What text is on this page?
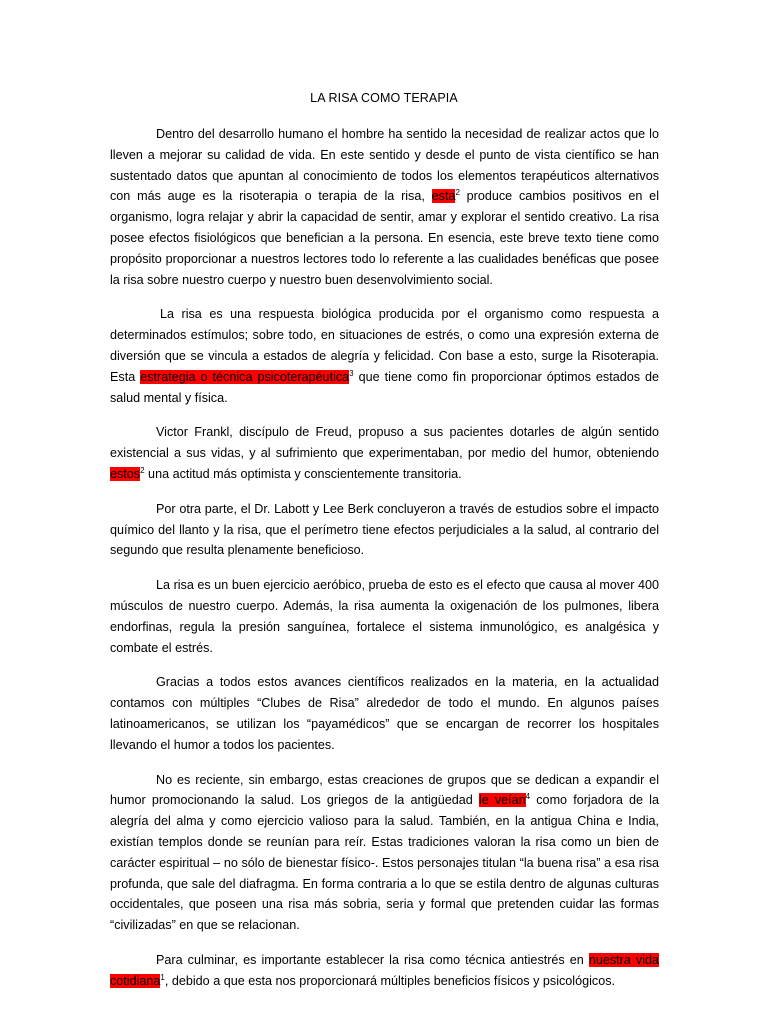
LA RISA COMO TERAPIA

Dentro del desarrollo humano el hombre ha sentido la necesidad de realizar actos que lo lleven a mejorar su calidad de vida. En este sentido y desde el punto de vista científico se han sustentado datos que apuntan al conocimiento de todos los elementos terapéuticos alternativos con más auge es la risoterapia o terapia de la risa, esta$^2$ produce cambios positivos en el organismo, logra relajar y abrir la capacidad de sentir, amar y explorar el sentido creativo. La risa posee efectos fisiológicos que benefician a la persona. En esencia, este breve texto tiene como propósito proporcionar a nuestros lectores todo lo referente a las cualidades benéficas que posee la risa sobre nuestro cuerpo y nuestro buen desenvolvimiento social.

La risa es una respuesta biológica producida por el organismo como respuesta a determinados estímulos; sobre todo, en situaciones de estrés, o como una expresión externa de diversión que se vincula a estados de alegría y felicidad. Con base a esto, surge la Risoterapia. Esta estrategia o técnica psicoterapéutica$^3$ que tiene como fin proporcionar óptimos estados de salud mental y física.

Victor Frankl, discípulo de Freud, propuso a sus pacientes dotarles de algún sentido existencial a sus vidas, y al sufrimiento que experimentaban, por medio del humor, obteniendo estos$^2$ una actitud más optimista y conscientemente transitoria.

Por otra parte, el Dr. Labott y Lee Berk concluyeron a través de estudios sobre el impacto químico del llanto y la risa, que el perímetro tiene efectos perjudiciales a la salud, al contrario del segundo que resulta plenamente beneficioso.

La risa es un buen ejercicio aeróbico, prueba de esto es el efecto que causa al mover 400 músculos de nuestro cuerpo. Además, la risa aumenta la oxigenación de los pulmones, libera endorfinas, regula la presión sanguínea, fortalece el sistema inmunológico, es analgésica y combate el estrés.

Gracias a todos estos avances científicos realizados en la materia, en la actualidad contamos con múltiples “Clubes de Risa” alrededor de todo el mundo. En algunos países latinoamericanos, se utilizan los “payamédicos” que se encargan de recorrer los hospitales llevando el humor a todos los pacientes.

No es reciente, sin embargo, estas creaciones de grupos que se dedican a expandir el humor promocionando la salud. Los griegos de la antigüedad le veían$^4$ como forjadora de la alegría del alma y como ejercicio valioso para la salud. También, en la antigua China e India, existían templos donde se reunían para reír. Estas tradiciones valoran la risa como un bien de carácter espiritual – no sólo de bienestar físico-. Estos personajes titulan “la buena risa” a esa risa profunda, que sale del diafragma. En forma contraria a lo que se estila dentro de algunas culturas occidentales, que poseen una risa más sobria, seria y formal que pretenden cuidar las formas “civilizadas” en que se relacionan.

Para culminar, es importante establecer la risa como técnica antiestrés en nuestra vida cotidiana$^1$, debido a que esta nos proporcionará múltiples beneficios físicos y psicológicos.
